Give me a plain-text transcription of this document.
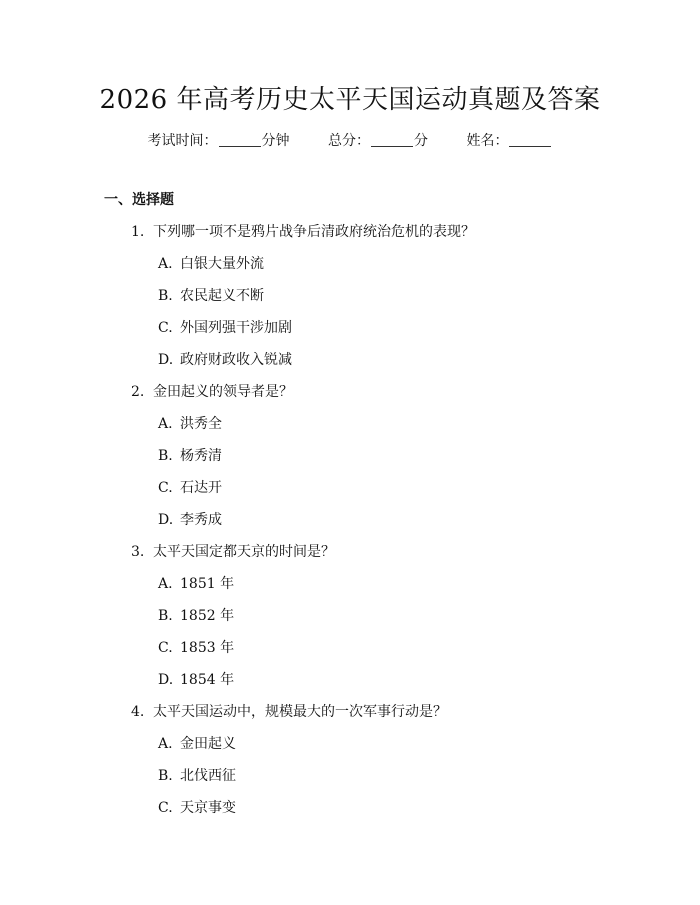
2026 年高考历史太平天国运动真题及答案
考试时间：	分钟	总分：	分	姓名：
一、选择题
1. 下列哪一项不是鸦片战争后清政府统治危机的表现？
A. 白银大量外流
B. 农民起义不断
C. 外国列强干涉加剧
D. 政府财政收入锐减
2. 金田起义的领导者是？
A. 洪秀全
B. 杨秀清
C. 石达开
D. 李秀成
3. 太平天国定都天京的时间是？
A. 1851 年
B. 1852 年
C. 1853 年
D. 1854 年
4. 太平天国运动中，规模最大的一次军事行动是？
A. 金田起义
B. 北伐西征
C. 天京事变
